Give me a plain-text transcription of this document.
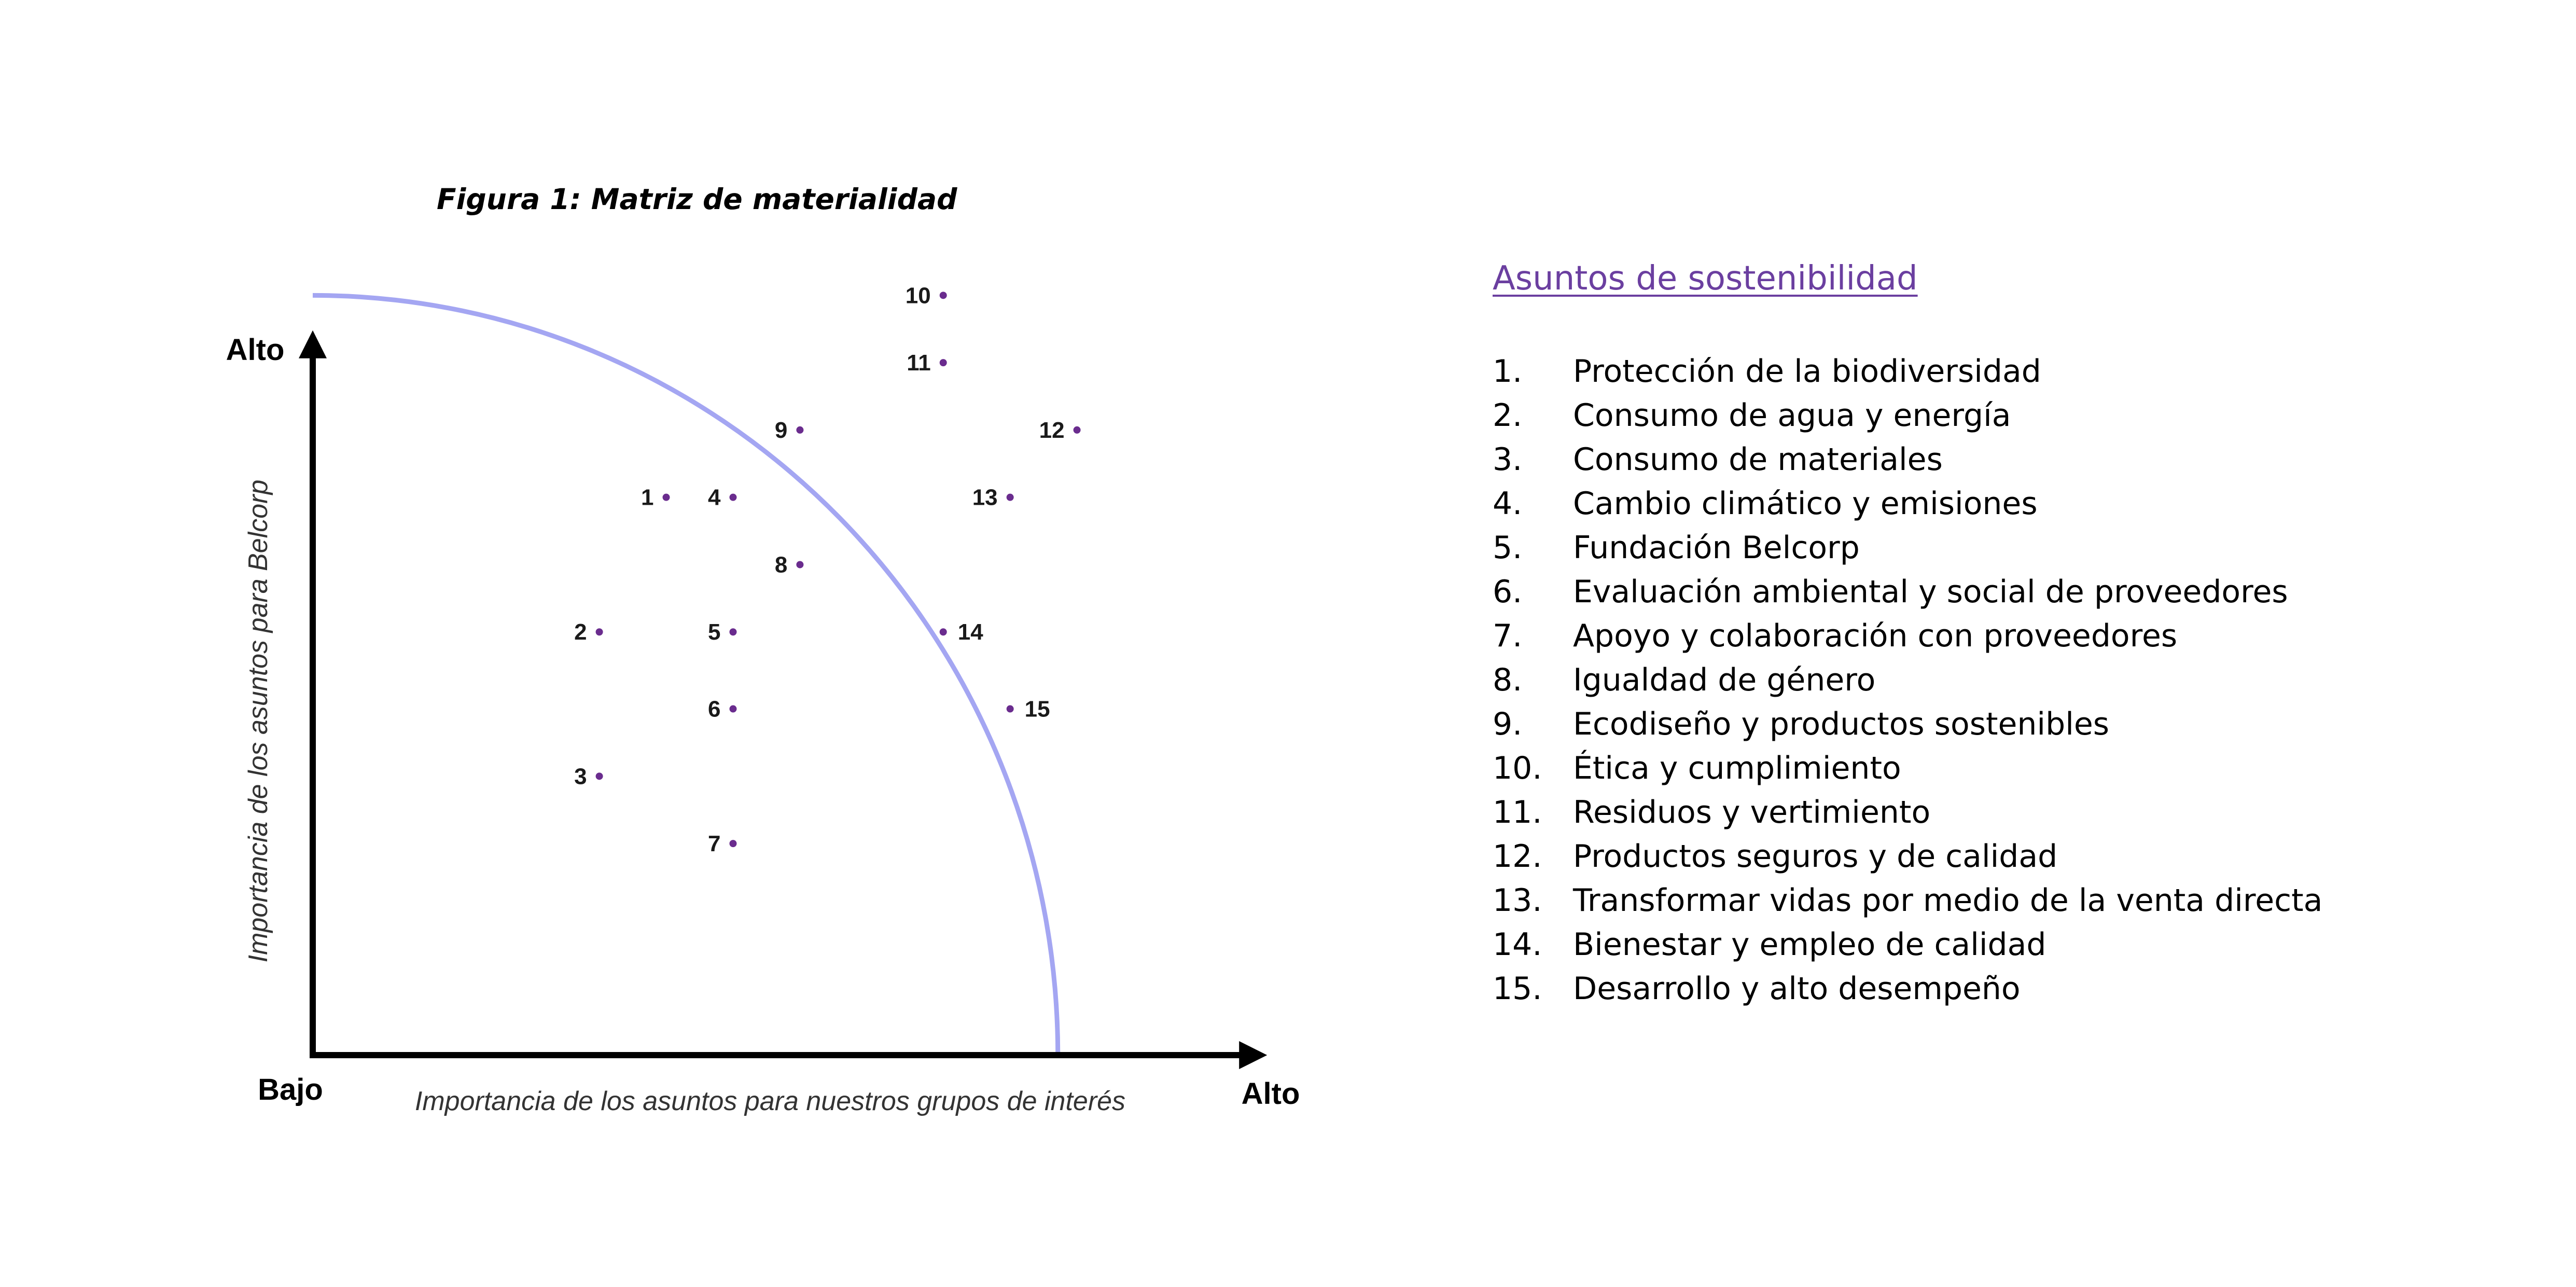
Figura 1: Matriz de materialidad
1
2
3
4
5
6
7
8
9
10
11
12
13
14
15
Alto
Bajo	Alto
Importancia de los asuntos para nuestros grupos de interés
Importancia de los asuntos para Belcorp
Asuntos de sostenibilidad
1.	Protección de la biodiversidad
2.	Consumo de agua y energía
3.	Consumo de materiales
4.	Cambio climático y emisiones
5.	Fundación Belcorp
6.	Evaluación ambiental y social de proveedores
7.	Apoyo y colaboración con proveedores
8.	Igualdad de género
9.	Ecodiseño y productos sostenibles
10. Ética y cumplimiento
11. Residuos y vertimiento
12. Productos seguros y de calidad
13. Transformar vidas por medio de la venta directa
14. Bienestar y empleo de calidad
15. Desarrollo y alto desempeño
